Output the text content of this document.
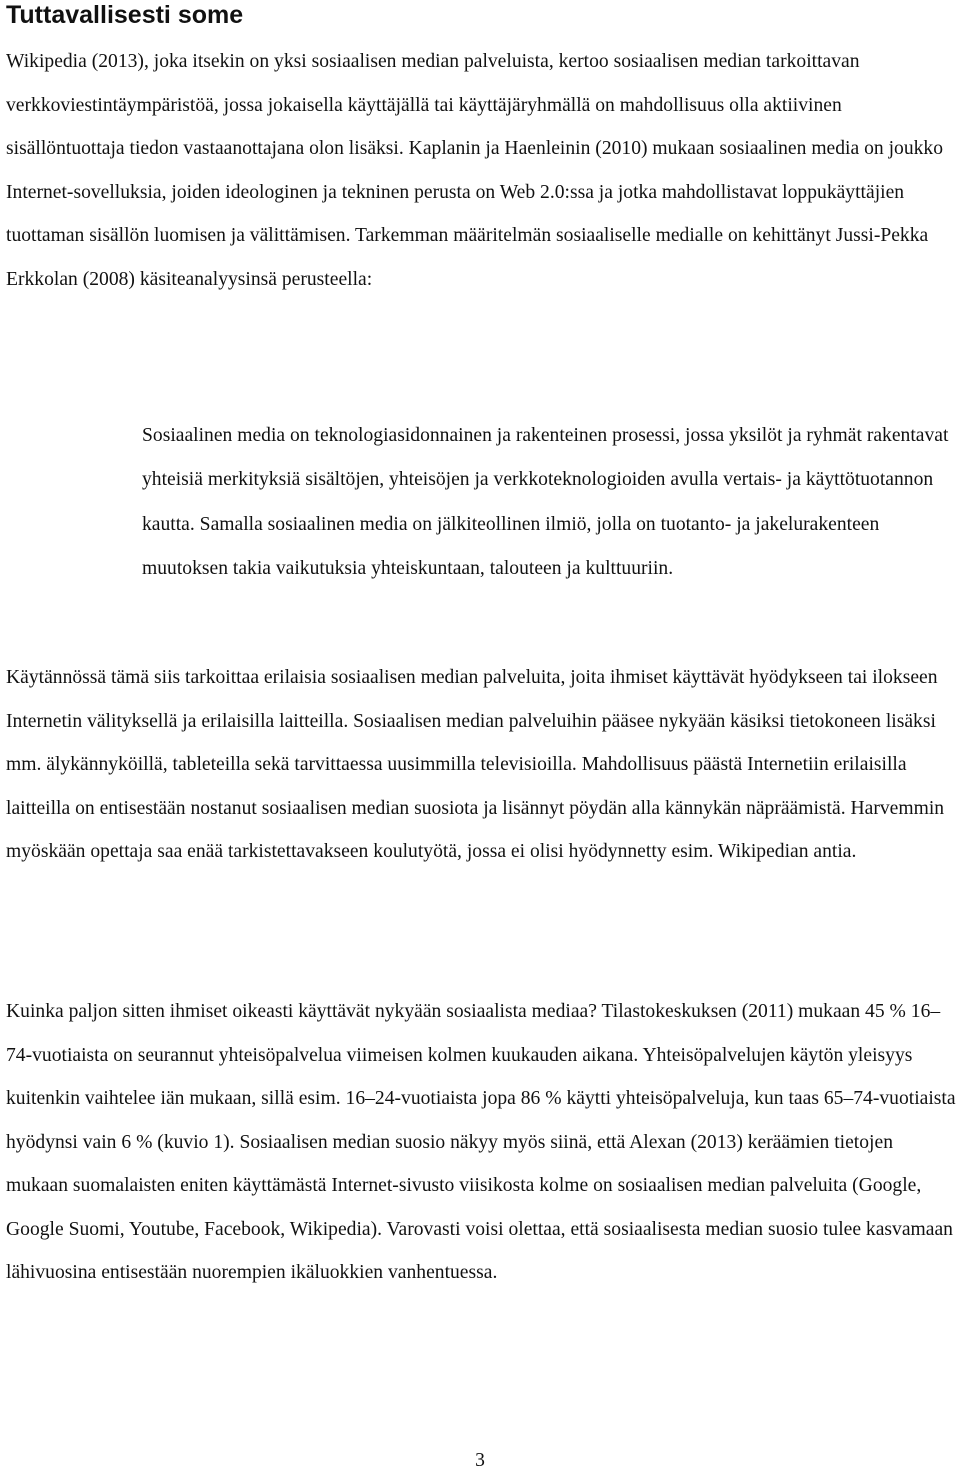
Tuttavallisesti some

Wikipedia (2013), joka itsekin on yksi sosiaalisen median palveluista, kertoo sosiaalisen median tarkoittavan verkkoviestintäympäristöä, jossa jokaisella käyttäjällä tai käyttäjäryhmällä on mahdollisuus olla aktiivinen sisällöntuottaja tiedon vastaanottajana olon lisäksi. Kaplanin ja Haenleinin (2010) mukaan sosiaalinen media on joukko Internet-sovelluksia, joiden ideologinen ja tekninen perusta on Web 2.0:ssa ja jotka mahdollistavat loppukäyttäjien tuottaman sisällön luomisen ja välittämisen. Tarkemman määritelmän sosiaaliselle medialle on kehittänyt Jussi-Pekka Erkkolan (2008) käsiteanalyysinsä perusteella:

Sosiaalinen media on teknologiasidonnainen ja rakenteinen prosessi, jossa yksilöt ja ryhmät rakentavat yhteisiä merkityksiä sisältöjen, yhteisöjen ja verkkoteknologioiden avulla vertais- ja käyttötuotannon kautta. Samalla sosiaalinen media on jälkiteollinen ilmiö, jolla on tuotanto- ja jakelurakenteen muutoksen takia vaikutuksia yhteiskuntaan, talouteen ja kulttuuriin.

Käytännössä tämä siis tarkoittaa erilaisia sosiaalisen median palveluita, joita ihmiset käyttävät hyödykseen tai ilokseen Internetin välityksellä ja erilaisilla laitteilla. Sosiaalisen median palveluihin pääsee nykyään käsiksi tietokoneen lisäksi mm. älykännyköillä, tableteilla sekä tarvittaessa uusimmilla televisioilla. Mahdollisuus päästä Internetiin erilaisilla laitteilla on entisestään nostanut sosiaalisen median suosiota ja lisännyt pöydän alla kännykän näpräämistä. Harvemmin myöskään opettaja saa enää tarkistettavakseen koulutyötä, jossa ei olisi hyödynnetty esim. Wikipedian antia.

Kuinka paljon sitten ihmiset oikeasti käyttävät nykyään sosiaalista mediaa? Tilastokeskuksen (2011) mukaan 45 % 16–74-vuotiaista on seurannut yhteisöpalvelua viimeisen kolmen kuukauden aikana. Yhteisöpalvelujen käytön yleisyys kuitenkin vaihtelee iän mukaan, sillä esim. 16–24-vuotiaista jopa 86 % käytti yhteisöpalveluja, kun taas 65–74-vuotiaista hyödynsi vain 6 % (kuvio 1). Sosiaalisen median suosio näkyy myös siinä, että Alexan (2013) keräämien tietojen mukaan suomalaisten eniten käyttämästä Internet-sivusto viisikosta kolme on sosiaalisen median palveluita (Google, Google Suomi, Youtube, Facebook, Wikipedia). Varovasti voisi olettaa, että sosiaalisesta median suosio tulee kasvamaan lähivuosina entisestään nuorempien ikäluokkien vanhentuessa.

3
